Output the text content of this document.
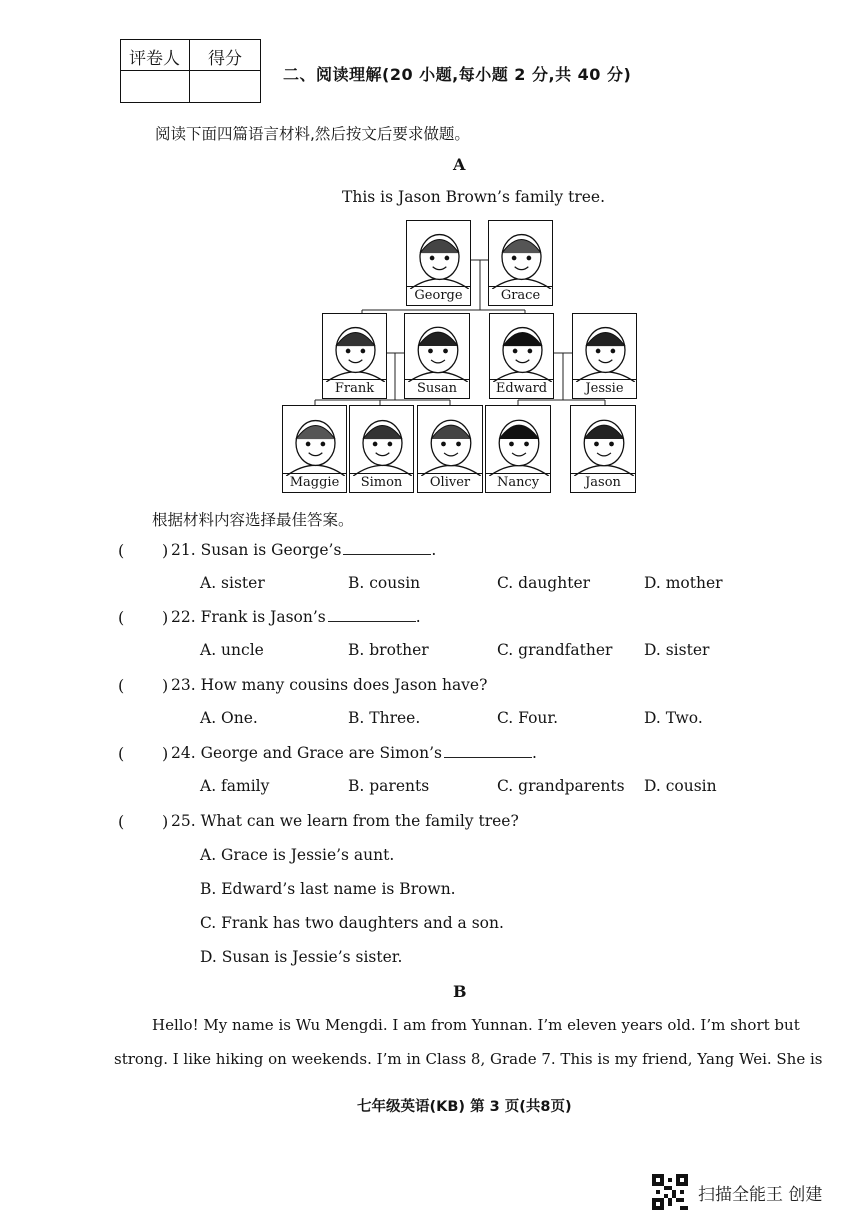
评卷人 得分
二、阅读理解(20 小题,每小题 2 分,共 40 分)
阅读下面四篇语言材料,然后按文后要求做题。
A
This is Jason Brown’s family tree.
George	Grace
Frank	Susan	Edward	Jessie
Maggie	Simon	Oliver	Nancy	Jason
根据材料内容选择最佳答案。
( ) 21. Susan is George’s	.
A. sister	B. cousin	C. daughter	D. mother
( ) 22. Frank is Jason’s	.
A. uncle	B. brother	C. grandfather D. sister
( ) 23. How many cousins does Jason have?
A. One.	B. Three.	C. Four.	D. Two.
( ) 24. George and Grace are Simon’s	.
A. family	B. parents	C. grandparents D. cousin
( ) 25. What can we learn from the family tree?
A. Grace is Jessie’s aunt.
B. Edward’s last name is Brown.
C. Frank has two daughters and a son.
D. Susan is Jessie’s sister.
B
Hello! My name is Wu Mengdi. I am from Yunnan. I’m eleven years old. I’m short but
strong. I like hiking on weekends. I’m in Class 8, Grade 7. This is my friend, Yang Wei. She is
七年级英语(KB) 第 3 页(共8页)
扫描全能王 创建
